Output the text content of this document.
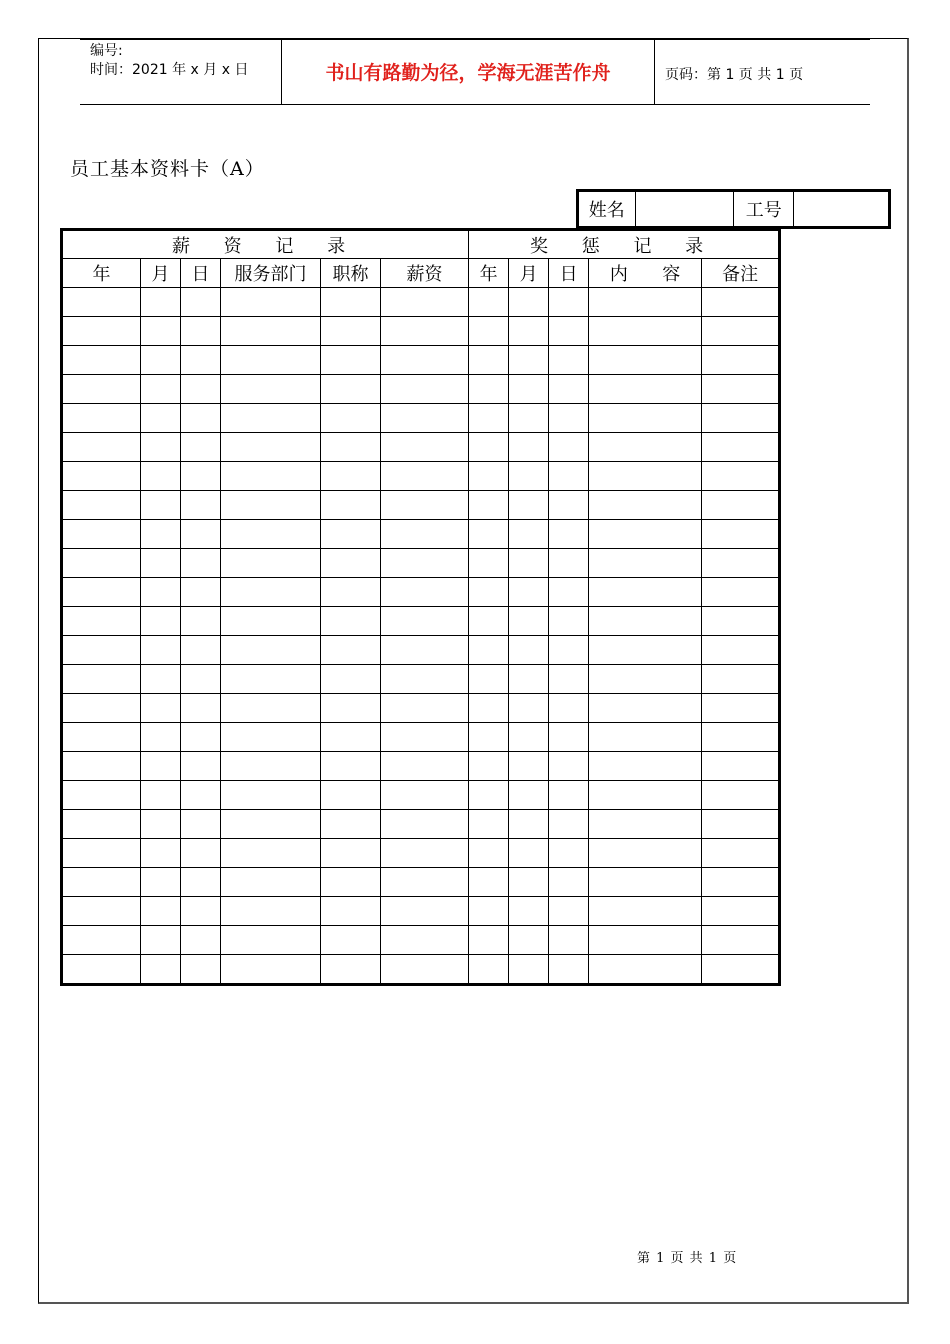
编号:
时间：2021 年 x 月 x 日	书山有路勤为径，学海无涯苦作舟	页码：第 1 页 共 1 页
员工基本资料卡（A）
姓名		工号	
薪 资 记 录						奖 惩 记 录				
年	月	日	服务部门	职称	薪资	年	月	日	内      容	备注

第 1 页 共 1 页
